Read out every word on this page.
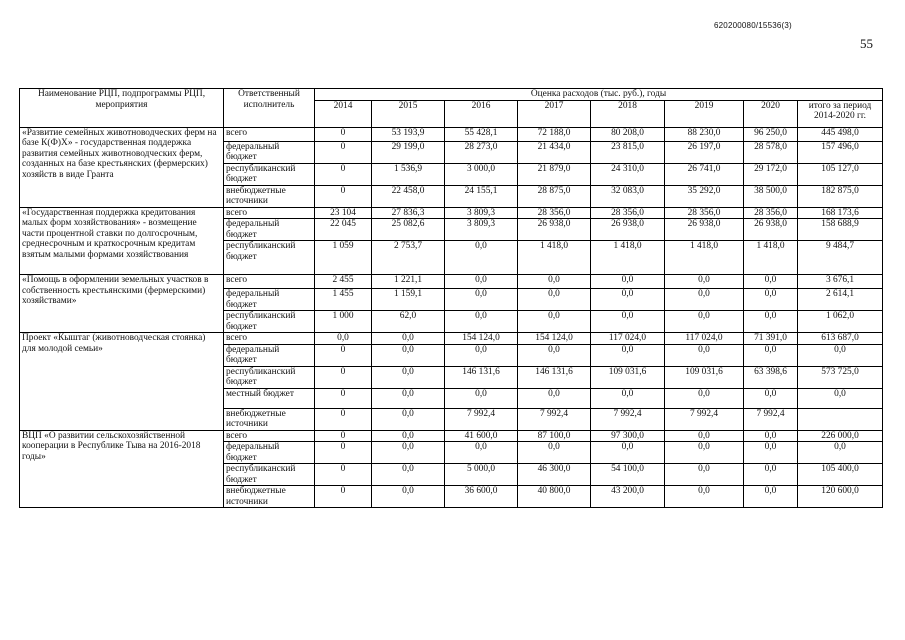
620200080/15536(3)
55
Наименование РЦП, подпрограммы РЦП, мероприятия	Ответственный исполнитель	Оценка расходов (тыс. руб.), годы							
		2014	2015	2016	2017	2018	2019	2020	итого за период 2014-2020 гг.
«Развитие семейных животноводческих ферм на базе К(Ф)Х» - государственная поддержка развития семейных животноводческих ферм, созданных на базе крестьянских (фермерских) хозяйств в виде Гранта	всего	0	53 193,9	55 428,1	72 188,0	80 208,0	88 230,0	96 250,0	445 498,0
	федеральный бюджет	0	29 199,0	28 273,0	21 434,0	23 815,0	26 197,0	28 578,0	157 496,0
	республиканский бюджет	0	1 536,9	3 000,0	21 879,0	24 310,0	26 741,0	29 172,0	105 127,0
	внебюджетные источники	0	22 458,0	24 155,1	28 875,0	32 083,0	35 292,0	38 500,0	182 875,0
«Государственная поддержка кредитования малых форм хозяйствования» - возмещение части процентной ставки по долгосрочным, среднесрочным и краткосрочным кредитам взятым малыми формами хозяйствования	всего	23 104	27 836,3	3 809,3	28 356,0	28 356,0	28 356,0	28 356,0	168 173,6
	федеральный бюджет	22 045	25 082,6	3 809,3	26 938,0	26 938,0	26 938,0	26 938,0	158 688,9
	республиканский бюджет	1 059	2 753,7	0,0	1 418,0	1 418,0	1 418,0	1 418,0	9 484,7
«Помощь в оформлении земельных участков в собственность крестьянскими (фермерскими) хозяйствами»	всего	2 455	1 221,1	0,0	0,0	0,0	0,0	0,0	3 676,1
	федеральный бюджет	1 455	1 159,1	0,0	0,0	0,0	0,0	0,0	2 614,1
	республиканский бюджет	1 000	62,0	0,0	0,0	0,0	0,0	0,0	1 062,0
Проект «Кыштаг (животноводческая стоянка) для молодой семьи»	всего	0,0	0,0	154 124,0	154 124,0	117 024,0	117 024,0	71 391,0	613 687,0
	федеральный бюджет	0	0,0	0,0	0,0	0,0	0,0	0,0	0,0
	республиканский бюджет	0	0,0	146 131,6	146 131,6	109 031,6	109 031,6	63 398,6	573 725,0
	местный бюджет	0	0,0	0,0	0,0	0,0	0,0	0,0	0,0
	внебюджетные источники	0	0,0	7 992,4	7 992,4	7 992,4	7 992,4	7 992,4	
ВЦП «О развитии сельскохозяйственной кооперации в Республике Тыва на 2016-2018 годы»	всего	0	0,0	41 600,0	87 100,0	97 300,0	0,0	0,0	226 000,0
	федеральный бюджет	0	0,0	0,0	0,0	0,0	0,0	0,0	0,0
	республиканский бюджет	0	0,0	5 000,0	46 300,0	54 100,0	0,0	0,0	105 400,0
	внебюджетные источники	0	0,0	36 600,0	40 800,0	43 200,0	0,0	0,0	120 600,0
